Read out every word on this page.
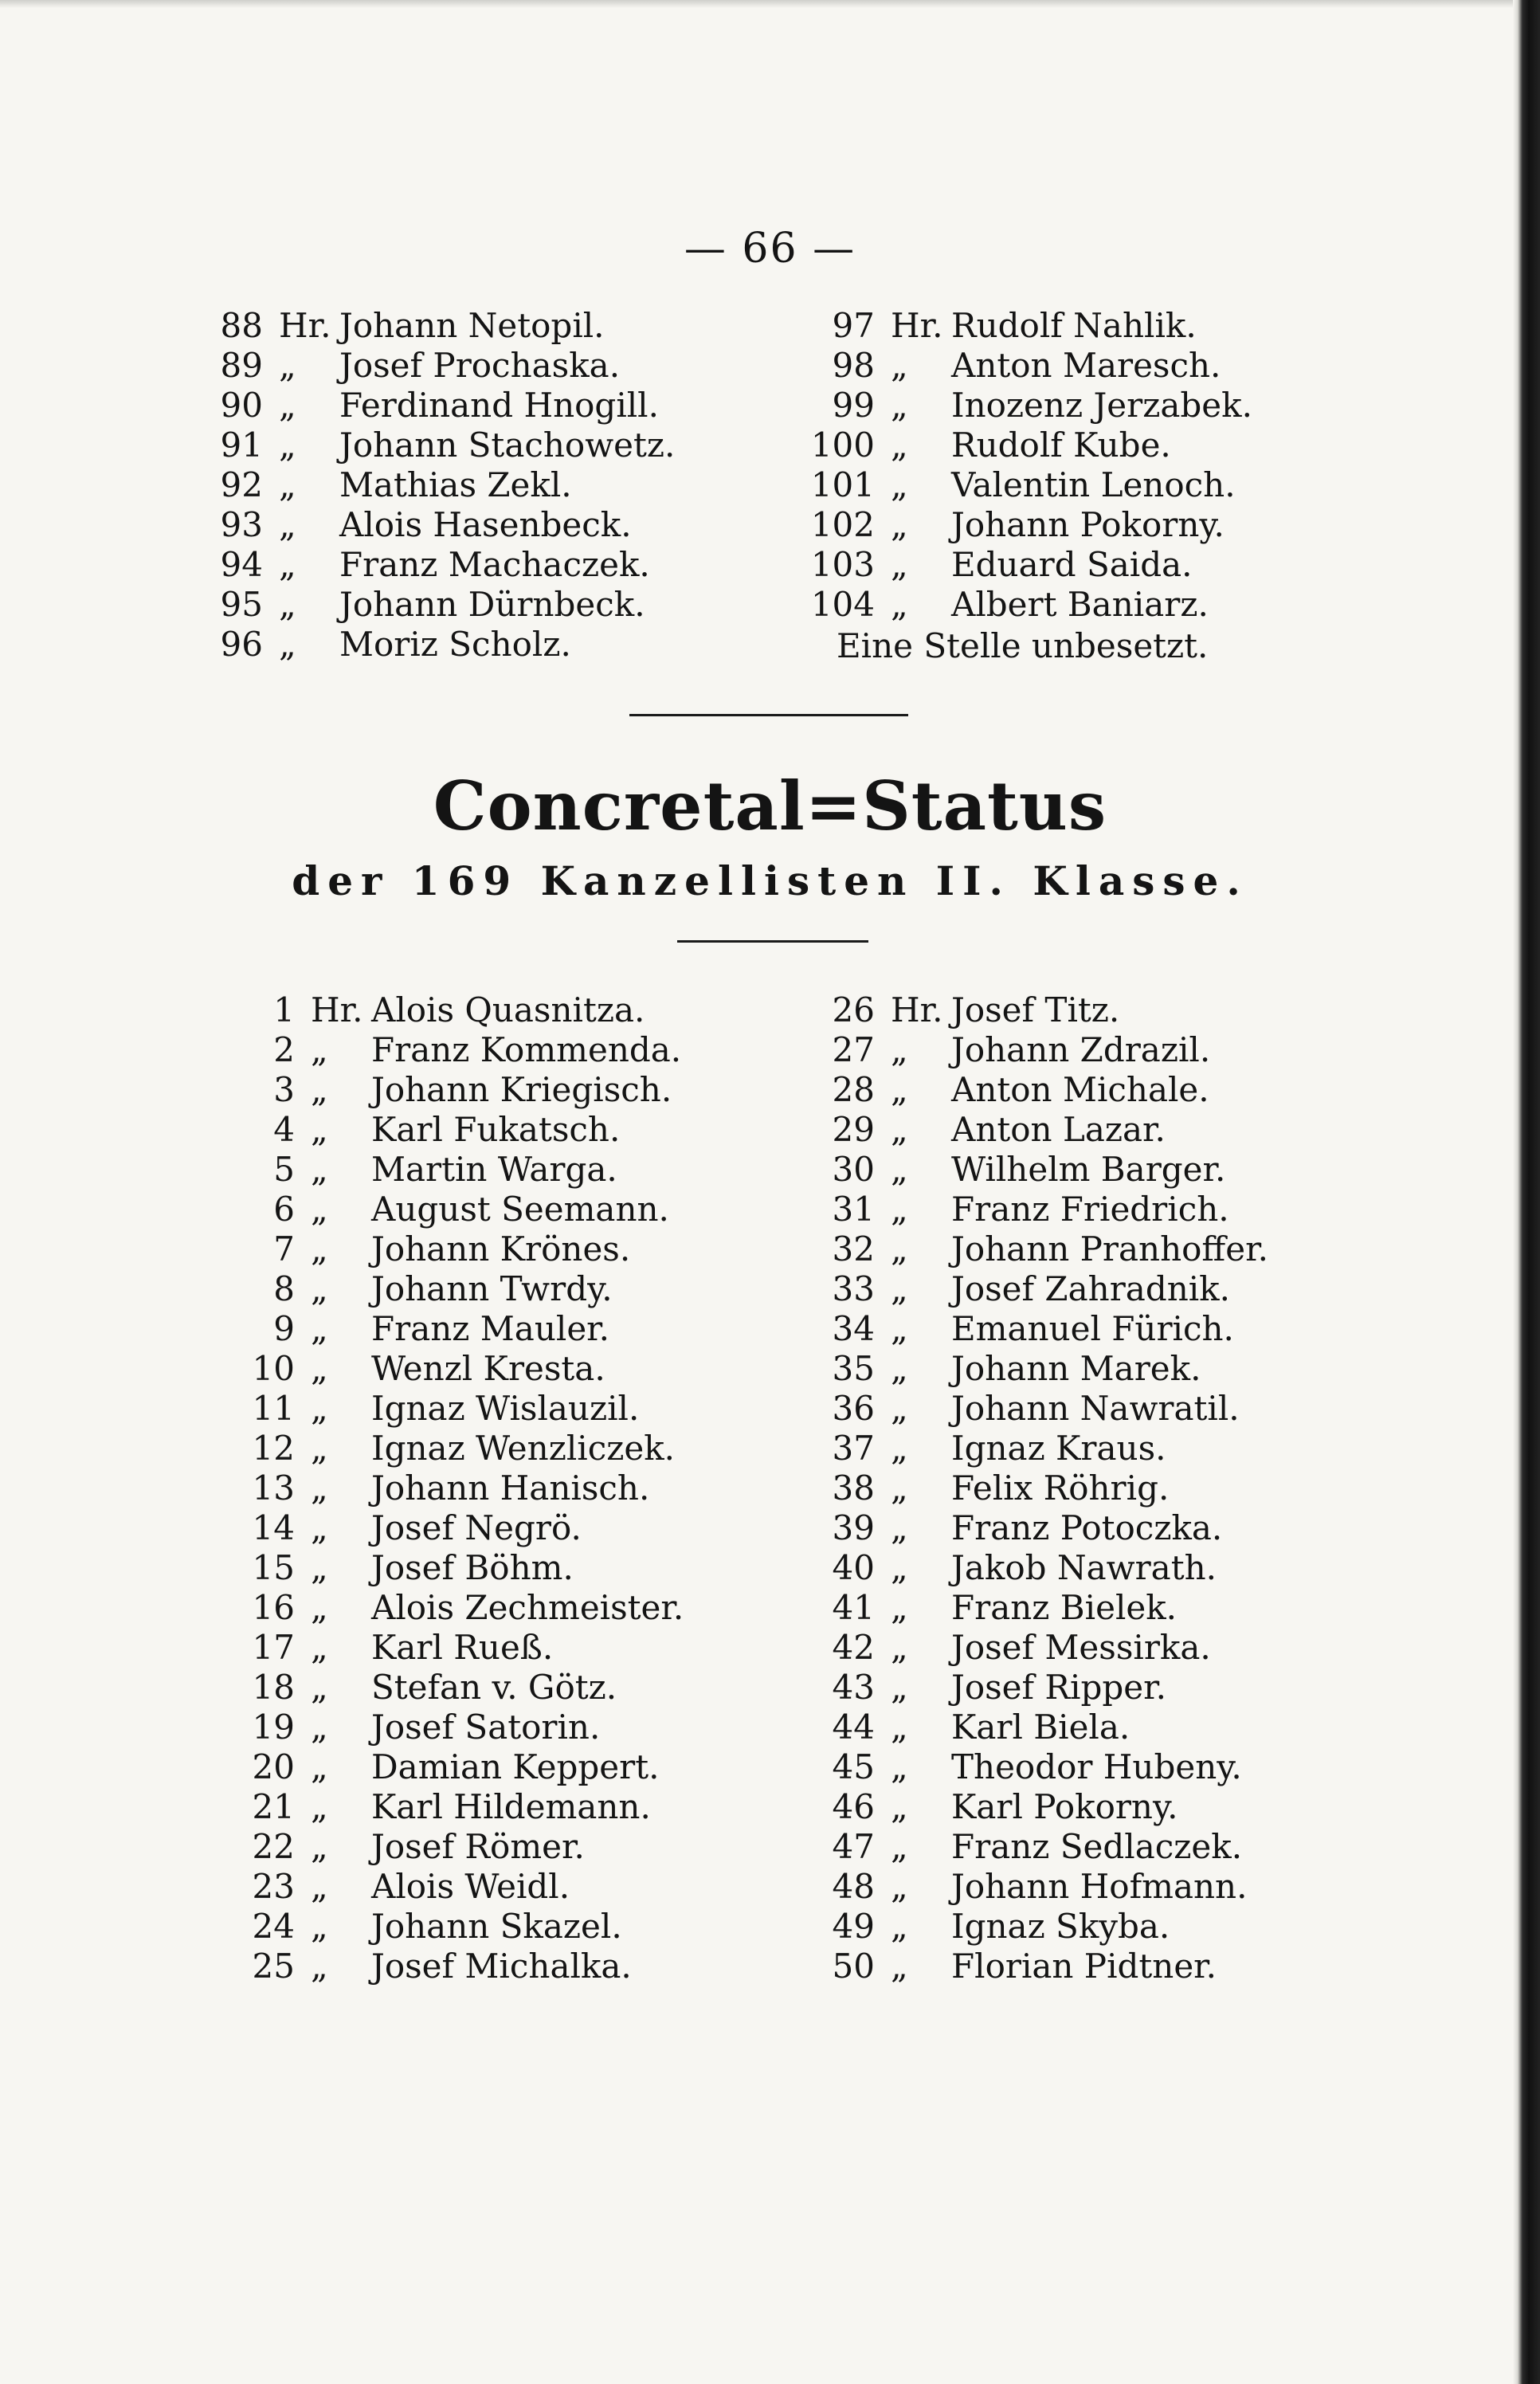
— 66 —
88 Hr. Johann Netopil.
89 „ Josef Prochaska.
90 „ Ferdinand Hnogill.
91 „ Johann Stachowetz.
92 „ Mathias Zekl.
93 „ Alois Hasenbeck.
94 „ Franz Machaczek.
95 „ Johann Dürnbeck.
96 „ Moriz Scholz.
97 Hr. Rudolf Nahlik.
98 „ Anton Maresch.
99 „ Inozenz Jerzabek.
100 „ Rudolf Kube.
101 „ Valentin Lenoch.
102 „ Johann Pokorny.
103 „ Eduard Saida.
104 „ Albert Baniarz.
Eine Stelle unbesetzt.
Concretal=Status
der 169 Kanzellisten II. Klasse.
1 Hr. Alois Quasnitza.
2 „ Franz Kommenda.
3 „ Johann Kriegisch.
4 „ Karl Fukatsch.
5 „ Martin Warga.
6 „ August Seemann.
7 „ Johann Krönes.
8 „ Johann Twrdy.
9 „ Franz Mauler.
10 „ Wenzl Kresta.
11 „ Ignaz Wislauzil.
12 „ Ignaz Wenzliczek.
13 „ Johann Hanisch.
14 „ Josef Negrö.
15 „ Josef Böhm.
16 „ Alois Zechmeister.
17 „ Karl Rueß.
18 „ Stefan v. Götz.
19 „ Josef Satorin.
20 „ Damian Keppert.
21 „ Karl Hildemann.
22 „ Josef Römer.
23 „ Alois Weidl.
24 „ Johann Skazel.
25 „ Josef Michalka.
26 Hr. Josef Titz.
27 „ Johann Zdrazil.
28 „ Anton Michale.
29 „ Anton Lazar.
30 „ Wilhelm Barger.
31 „ Franz Friedrich.
32 „ Johann Pranhoffer.
33 „ Josef Zahradnik.
34 „ Emanuel Fürich.
35 „ Johann Marek.
36 „ Johann Nawratil.
37 „ Ignaz Kraus.
38 „ Felix Röhrig.
39 „ Franz Potoczka.
40 „ Jakob Nawrath.
41 „ Franz Bielek.
42 „ Josef Messirka.
43 „ Josef Ripper.
44 „ Karl Biela.
45 „ Theodor Hubeny.
46 „ Karl Pokorny.
47 „ Franz Sedlaczek.
48 „ Johann Hofmann.
49 „ Ignaz Skyba.
50 „ Florian Pidtner.
